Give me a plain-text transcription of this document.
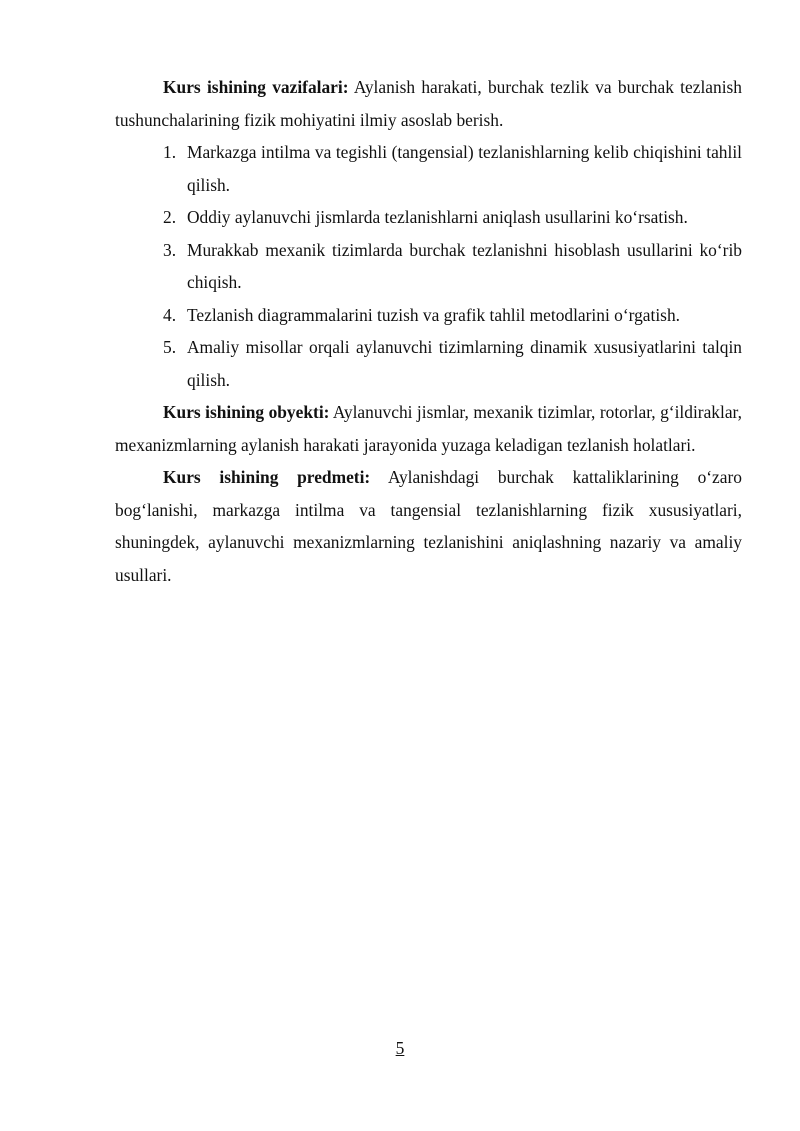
Kurs ishining vazifalari: Aylanish harakati, burchak tezlik va burchak tezlanish tushunchalarining fizik mohiyatini ilmiy asoslab berish.

1. Markazga intilma va tegishli (tangensial) tezlanishlarning kelib chiqishini tahlil qilish.
2. Oddiy aylanuvchi jismlarda tezlanishlarni aniqlash usullarini koʻrsatish.
3. Murakkab mexanik tizimlarda burchak tezlanishni hisoblash usullarini koʻrib chiqish.
4. Tezlanish diagrammalarini tuzish va grafik tahlil metodlarini oʻrgatish.
5. Amaliy misollar orqali aylanuvchi tizimlarning dinamik xususiyatlarini talqin qilish.

Kurs ishining obyekti: Aylanuvchi jismlar, mexanik tizimlar, rotorlar, gʻildiraklar, mexanizmlarning aylanish harakati jarayonida yuzaga keladigan tezlanish holatlari.

Kurs ishining predmeti: Aylanishdagi burchak kattaliklarining oʻzaro bogʻlanishi, markazga intilma va tangensial tezlanishlarning fizik xususiyatlari, shuningdek, aylanuvchi mexanizmlarning tezlanishini aniqlashning nazariy va amaliy usullari.

5
